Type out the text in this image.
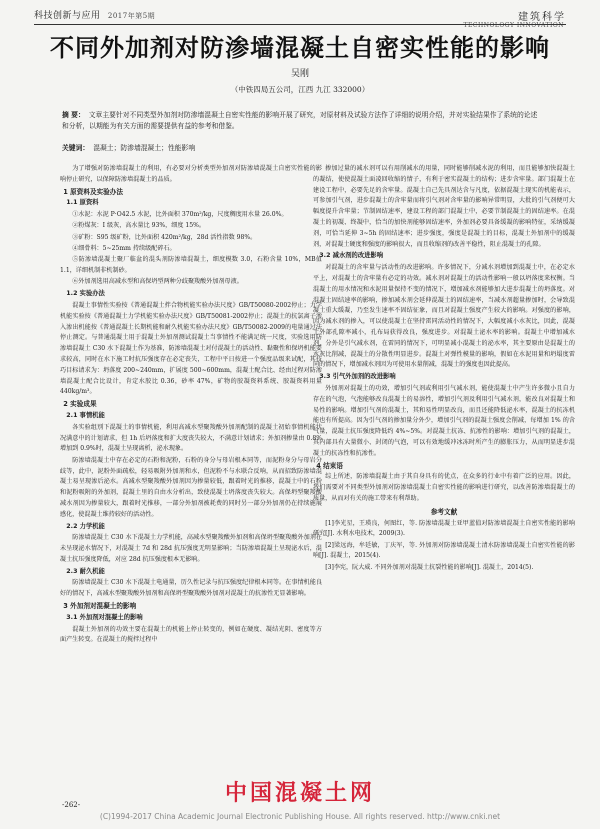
科技创新与应用 2017年第5期	建筑科学
TECHNOLOGY INNOVATION
不同外加剂对防渗墙混凝土自密实性能的影响
吴刚
（中铁四局五公司，江西 九江 332000）
摘 要： 文章主要针对不同类型外加剂对防渗墙混凝土自密实性能的影响开展了研究，对原材料及试验方法作了详细的说明介绍，并对实验结果作了系统的论述和分析，以期能为有关方面的需要提供有益的参考和借鉴。
关键词： 混凝土；防渗墙混凝土；性能影响

为了增强对防渗墙混凝土的利用，有必要对分析类型外加剂对防渗墙混凝土自密实性能的影响停止研究，以保障防渗墙混凝土的品质。

1 原资料及实验办法
1.1 原资料

①水泥：水泥 P·O42.5 水泥，比外面积 370m²/kg，尺度稠度用水量 26.0%。

②粉煤灰：I 级灰，高水量比 93%，细度 15%。

③矿粉：S95 级矿粉，比外面积 420m²/kg，28d 活性指数 98%。

④细骨料：5~25mm 持续级配碎石。

⑤防渗墙混凝土聚厂临盆的混头剂防渗墙混凝土，细度模数 3.0，石粉含量 10%，MB值 1.1，详细机制非机制砂。

⑥外加剂选用高减水型和高保坍型两种分歧聚羧酸外加剂母液。

1.2 实验办法

混凝土事情性实验按《普通混凝土拌合物机能实验办法尺度》GB/T50080-2002停止；力学机能实验按《普通混凝土力学机能实验办法尺度》GB/T50081-2002停止；混凝土的抗氯离子渗入渗出机能按《普通混凝土长期机能和耐久机能实验办法尺度》GB/T50082-2009的电量通过法停止测定。与普通混凝土用于混凝土外加剂测试混凝土当事情性不能满足统一尺度，实验选用防渗墙混凝土 C30 水下混凝土作为基准，防渗墙混凝土对付混凝土的活动性、黏聚性和保坍机能要求较高，同时在水下施工时抗压强度存在必定丧失，工程中平日按进一个强度品级来试配，其技巧目标请求为：坍落度 200~240mm，扩展度 500~600mm，混凝土配合比、经由过程对防渗墙混凝土配合比设计，肯定水胶比 0.36，砂率 47%，矿物的胶凝资料系统、胶凝资料用量 440kg/m³。

2 实验成果
2.1 事情机能

各实验组別下混凝土的事情机能，利用高减水型聚羧酸外加剂配制的混凝土初始事情机能状况满意中的计划请求，但 1h 后坍落度和扩大度丧失较大，不满意计划请求；外加剂掺量由 0.8% 增加到 0.9%时，混凝土呈现离析，泌水现象。

防渗墙混凝土中存在必定的石粉和泥粉，石粉的身分与母岩根本同等，而泥粉身分与母岩分歧等，此中，泥粉外面疏松，轻易吸附外加剂和水，但泥粉不与水联合反响，从而招致防渗墙混凝土易呈现渗后泌水。高减水型聚羧酸外加剂因为掺量较低，跟着时光的推移，混凝土中的石粉和泥粉吸附的外加剂，混凝土里的自由水分析出，致使混凝土坍落度丧失较大。高保坍型聚羧酸减水剂因为掺量较大，跟着时光推移，一部分外加剂被耗费的同时另一部分外加剂仍在持续施展感化，使混凝土维持较好的活动性。

2.2 力学机能

防渗墙混凝土 C30 水下混凝土力学机能，高减水型聚羧酸外加剂和高保坍型聚羧酸外加剂在未呈现泌水情况下，对混凝土 7d 和 28d 抗压强度无明显影响；当防渗墙混凝土呈现泌水后，混凝土抗压强度降低，对应 28d 抗压强度根本无影响。

2.3 耐久机能

防渗墙混凝土 C30 水下混凝土电通量，历久性记录与抗压强度纪律根本同等。在事情机能良好的情况下，高减水型聚羧酸外加剂和高保坍型聚羧酸外加剂对混凝土的抗渗性无显著影响。

3 外加剂对混凝土的影响
3.1 外加剂对混凝土的影响

混凝土外加剂的功效主要在混凝土的机能上停止转变的，例如在硬度、凝结光阴、密度等方面产生转变。在混凝土的搅拌过程中

掺加过量的减水剂可以有用削减水的用量，同时能够削减水泥的利用，而且能够加快混凝土的凝结，使使混凝土面凌回收缩的情子，有利于密实混凝土的结构；进步含牢量。部门混凝土在建设工程中，必要先足的含牢量。混凝土自己先具剂达含与凡度，依据混凝土现实的机能表示，可参加引气剂，进步混凝土的含牢量而将引气剂对含牢量的影响异常明显，大批的引气剂便可大幅度提升含牢量；节制固结速率，建设工程的部门混凝土中，必要节制混凝土的固结速率。在混凝土的初凝、终凝中，恰当的加快剂能够固结速率，外加剂必要具备缓凝的影响特征，采纳缓凝剂，可恰当延伸 3~5h 的固结速率；进步强度，强度是混凝土的目标，混凝土外加剂中的缓凝剂，对混凝土硬度和强度的影响很大，而且收缩剂的改善平稳性，阻止混凝土的孔隙。

3.2 减水剂的改进影响

对混凝土的含牢量与活动性的改进影响。许多情况下，分减水剂增加到混凝土中，在必定水平上，对混凝土的含牢量有必定的功效。减水剂对混凝土的活动性影响一般以坍落度来权衡。当混凝土的用水情况和水泥用量保持不变的情况下，增加减水剂能够加大进步混凝土的坍落度。对混凝土固结速率的影响，掺加减水剂会延伸混凝土的固结速率，当减水剂超量掺加时，会导致混凝土重大缓凝，乃至发生速率不固结征象，而且对混凝土强度产生较大的影响。对强度的影响，因为减水剂的掺入，可以使混凝土在坚持雷同活动性的情况下，大幅度减小水灰比，因此，混凝土外部孔隙率减小，孔布局获得改良，强度进步。对混凝土泌水率的影响。混凝土中增加减水剂，分外是引气减水剂，在雷同的情况下，可明显减小混凝土的泌水率，其主要原由是混凝土的水灰比削减，混凝土的分散性明显进步。混凝土对弹性模量的影响，假如在水泥用量和坍塌度雷同的情况下，增加减水剂因为可使用水量削减，混凝土的强度也因此提高。

3.3 引气外加剂的改进影响

外加剂对混凝土的功效，增加引气剂或利用引气减水剂，能使混凝土中产生许多微小且自力存在的气泡，气泡能够改良混凝土的易溶性，增加引气剂及利用引气减水剂，能改良对混凝土和易性的影响。增加引气剂的混凝土，其和易性明显改良，而且还能降低泌水率，混凝土的抗冻机能也有所提高。因为引气剂的掺加量分外少，增加引气剂的混凝土强度会削减，每增加 1% 的含气量，混凝土抗压强度降低约 4%~5%。对混凝土抗冻、抗渗性的影响：增加引气剂的混凝土，其内部具有大量微小、封闭的气泡，可以有效地缓冲冰冻时所产生的膨胀压力，从而明显进步混凝土的抗冻性和抗渗性。

4 结束语

综上所述，防渗墙混凝土由于其自身具有的优点，在众多的行业中有着广泛的应用。因此，我们需要对不同类型外加剂对防渗墙混凝土自密实性能的影响进行研究，以改善防渗墙混凝土的质量，从而对有关的施工带来有利帮助。

参考文献

[1]李光星，王瑛良，何图红，等. 防渗墙混凝土亚甲蓝值对防渗墙混凝土自密实性能的影响研究[J]. 水利水电技术，2009(3).

[2]梁远海，牟廷敏，丁庆军，等. 外加剂对防渗墙混凝土清水防渗墙混凝土自密实性能的影响[J]. 混凝土，2015(4).

[3]李宪，阮大威. 不同外加剂对混凝土抗裂性能的影响[J]. 混凝土，2014(5).

中国混凝土网
-262-
(C)1994-2017 China Academic Journal Electronic Publishing House. All rights reserved. http://www.cnki.net
